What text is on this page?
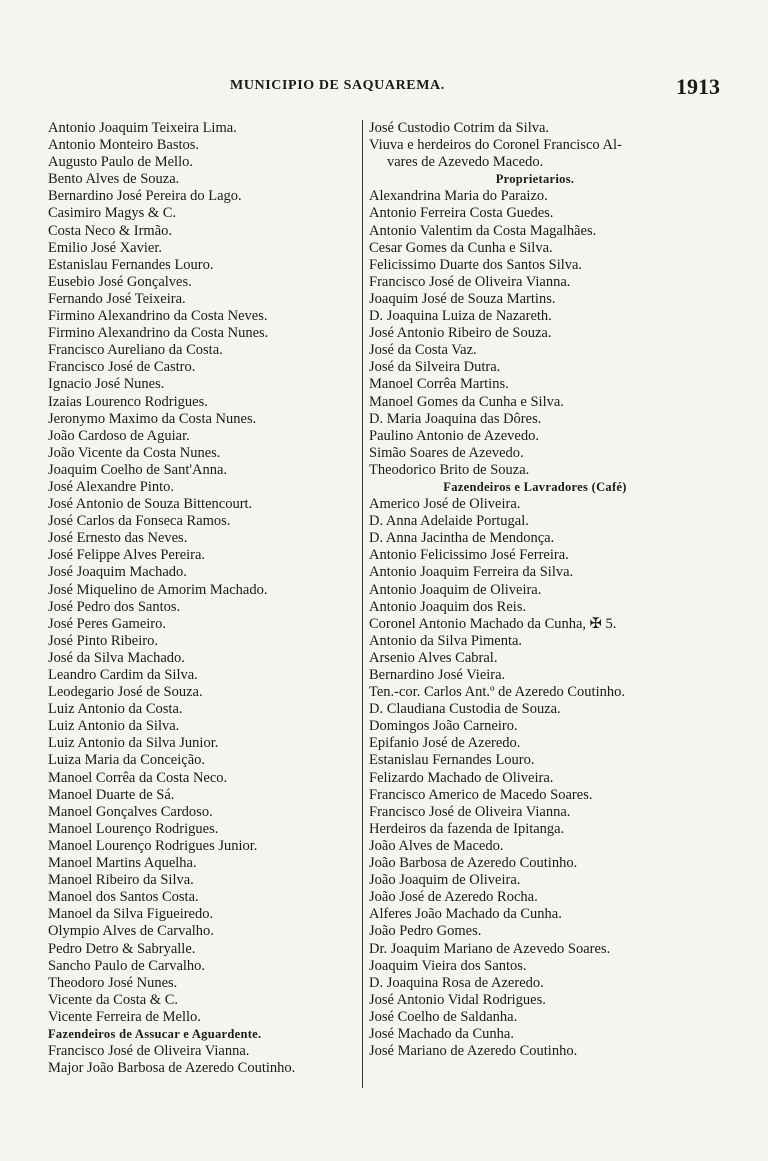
MUNICIPIO DE SAQUAREMA.	1913
Antonio Joaquim Teixeira Lima.
Antonio Monteiro Bastos.
Augusto Paulo de Mello.
Bento Alves de Souza.
Bernardino José Pereira do Lago.
Casimiro Magys & C.
Costa Neco & Irmão.
Emilio José Xavier.
Estanislau Fernandes Louro.
Eusebio José Gonçalves.
Fernando José Teixeira.
Firmino Alexandrino da Costa Neves.
Firmino Alexandrino da Costa Nunes.
Francisco Aureliano da Costa.
Francisco José de Castro.
Ignacio José Nunes.
Izaias Lourenco Rodrigues.
Jeronymo Maximo da Costa Nunes.
João Cardoso de Aguiar.
João Vicente da Costa Nunes.
Joaquim Coelho de Sant'Anna.
José Alexandre Pinto.
José Antonio de Souza Bittencourt.
José Carlos da Fonseca Ramos.
José Ernesto das Neves.
José Felippe Alves Pereira.
José Joaquim Machado.
José Miquelino de Amorim Machado.
José Pedro dos Santos.
José Peres Gameiro.
José Pinto Ribeiro.
José da Silva Machado.
Leandro Cardim da Silva.
Leodegario José de Souza.
Luiz Antonio da Costa.
Luiz Antonio da Silva.
Luiz Antonio da Silva Junior.
Luiza Maria da Conceição.
Manoel Corrêa da Costa Neco.
Manoel Duarte de Sá.
Manoel Gonçalves Cardoso.
Manoel Lourenço Rodrigues.
Manoel Lourenço Rodrigues Junior.
Manoel Martins Aquelha.
Manoel Ribeiro da Silva.
Manoel dos Santos Costa.
Manoel da Silva Figueiredo.
Olympio Alves de Carvalho.
Pedro Detro & Sabryalle.
Sancho Paulo de Carvalho.
Theodoro José Nunes.
Vicente da Costa & C.
Vicente Ferreira de Mello.
Fazendeiros de Assucar e Aguardente.
Francisco José de Oliveira Vianna.
Major João Barbosa de Azeredo Coutinho.
José Custodio Cotrim da Silva.
Viuva e herdeiros do Coronel Francisco Al-
vares de Azevedo Macedo.
Proprietarios.
Alexandrina Maria do Paraizo.
Antonio Ferreira Costa Guedes.
Antonio Valentim da Costa Magalhães.
Cesar Gomes da Cunha e Silva.
Felicissimo Duarte dos Santos Silva.
Francisco José de Oliveira Vianna.
Joaquim José de Souza Martins.
D. Joaquina Luiza de Nazareth.
José Antonio Ribeiro de Souza.
José da Costa Vaz.
José da Silveira Dutra.
Manoel Corrêa Martins.
Manoel Gomes da Cunha e Silva.
D. Maria Joaquina das Dôres.
Paulino Antonio de Azevedo.
Simão Soares de Azevedo.
Theodorico Brito de Souza.
Fazendeiros e Lavradores (Café)
Americo José de Oliveira.
D. Anna Adelaide Portugal.
D. Anna Jacintha de Mendonça.
Antonio Felicissimo José Ferreira.
Antonio Joaquim Ferreira da Silva.
Antonio Joaquim de Oliveira.
Antonio Joaquim dos Reis.
Coronel Antonio Machado da Cunha, ✠ 5.
Antonio da Silva Pimenta.
Arsenio Alves Cabral.
Bernardino José Vieira.
Ten.-cor. Carlos Ant.º de Azeredo Coutinho.
D. Claudiana Custodia de Souza.
Domingos João Carneiro.
Epifanio José de Azeredo.
Estanislau Fernandes Louro.
Felizardo Machado de Oliveira.
Francisco Americo de Macedo Soares.
Francisco José de Oliveira Vianna.
Herdeiros da fazenda de Ipitanga.
João Alves de Macedo.
João Barbosa de Azeredo Coutinho.
João Joaquim de Oliveira.
João José de Azeredo Rocha.
Alferes João Machado da Cunha.
João Pedro Gomes.
Dr. Joaquim Mariano de Azevedo Soares.
Joaquim Vieira dos Santos.
D. Joaquina Rosa de Azeredo.
José Antonio Vidal Rodrigues.
José Coelho de Saldanha.
José Machado da Cunha.
José Mariano de Azeredo Coutinho.
